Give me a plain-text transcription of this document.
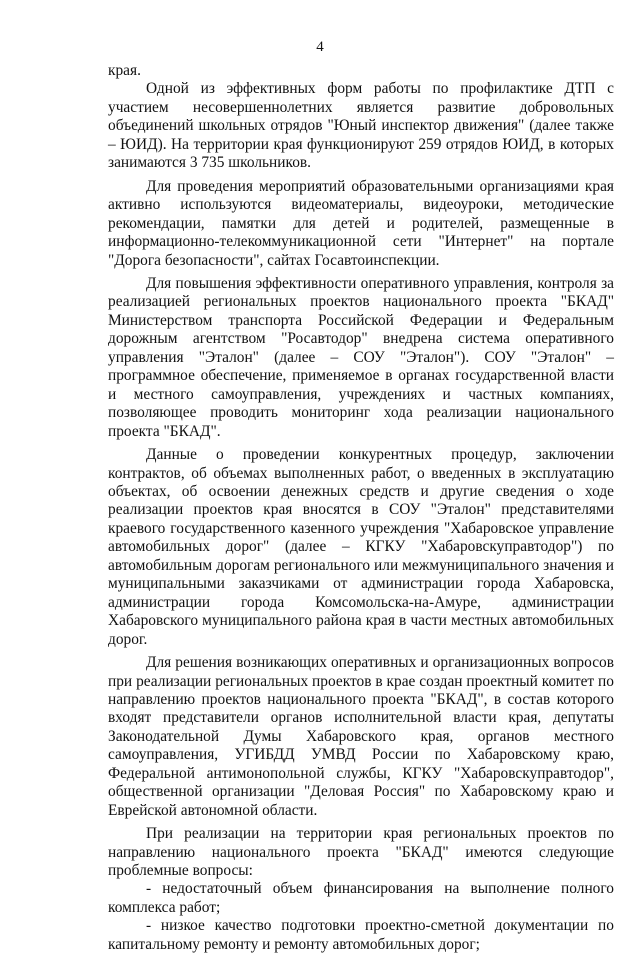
4

края.

Одной из эффективных форм работы по профилактике ДТП с участием несовершеннолетних является развитие добровольных объединений школьных отрядов "Юный инспектор движения" (далее также – ЮИД). На территории края функционируют 259 отрядов ЮИД, в которых занимаются 3 735 школьников.

Для проведения мероприятий образовательными организациями края активно используются видеоматериалы, видеоуроки, методические рекомендации, памятки для детей и родителей, размещенные в информационно-телекоммуникационной сети "Интернет" на портале "Дорога безопасности", сайтах Госавтоинспекции.

Для повышения эффективности оперативного управления, контроля за реализацией региональных проектов национального проекта "БКАД" Министерством транспорта Российской Федерации и Федеральным дорожным агентством "Росавтодор" внедрена система оперативного управления "Эталон" (далее – СОУ "Эталон"). СОУ "Эталон" – программное обеспечение, применяемое в органах государственной власти и местного самоуправления, учреждениях и частных компаниях, позволяющее проводить мониторинг хода реализации национального проекта "БКАД".

Данные о проведении конкурентных процедур, заключении контрактов, об объемах выполненных работ, о введенных в эксплуатацию объектах, об освоении денежных средств и другие сведения о ходе реализации проектов края вносятся в СОУ "Эталон" представителями краевого государственного казенного учреждения "Хабаровское управление автомобильных дорог" (далее – КГКУ "Хабаровскуправтодор") по автомобильным дорогам регионального или межмуниципального значения и муниципальными заказчиками от администрации города Хабаровска, администрации города Комсомольска-на-Амуре, администрации Хабаровского муниципального района края в части местных автомобильных дорог.

Для решения возникающих оперативных и организационных вопросов при реализации региональных проектов в крае создан проектный комитет по направлению проектов национального проекта "БКАД", в состав которого входят представители органов исполнительной власти края, депутаты Законодательной Думы Хабаровского края, органов местного самоуправления, УГИБДД УМВД России по Хабаровскому краю, Федеральной антимонопольной службы, КГКУ "Хабаровскуправтодор", общественной организации "Деловая Россия" по Хабаровскому краю и Еврейской автономной области.

При реализации на территории края региональных проектов по направлению национального проекта "БКАД" имеются следующие проблемные вопросы:

- недостаточный объем финансирования на выполнение полного комплекса работ;

- низкое качество подготовки проектно-сметной документации по капитальному ремонту и ремонту автомобильных дорог;
